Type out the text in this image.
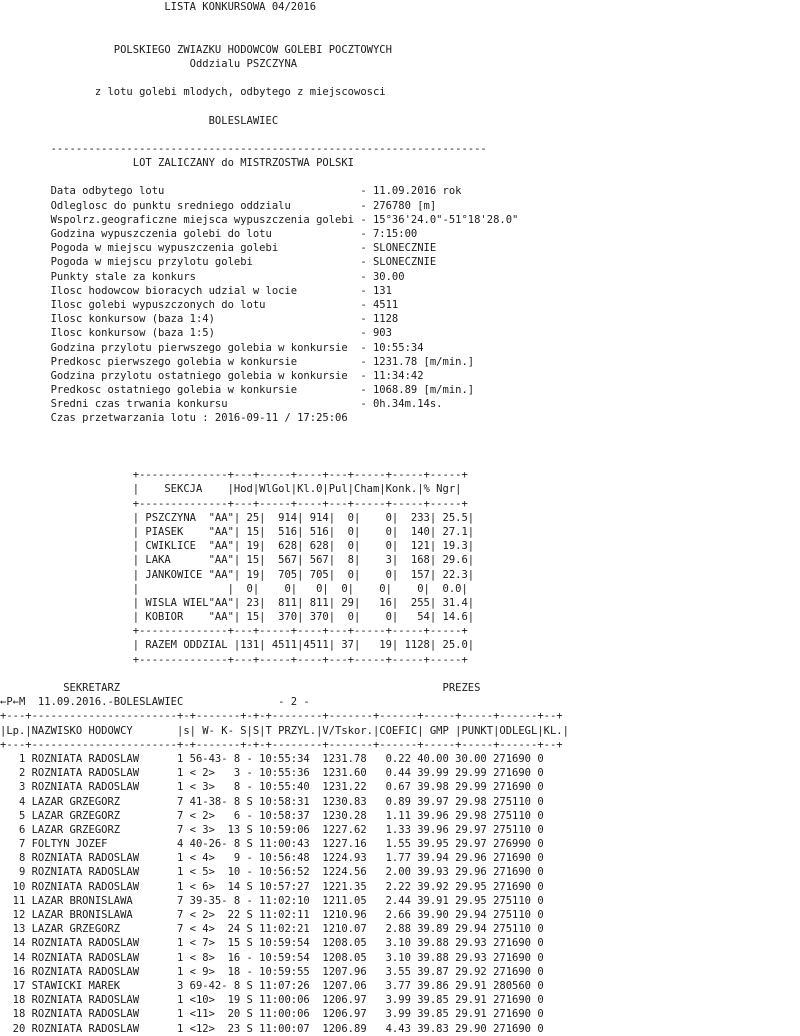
LISTA KONKURSOWA 04/2016
POLSKIEGO ZWIAZKU HODOWCOW GOLEBI POCZTOWYCH
Oddzialu PSZCZYNA
z lotu golebi mlodych, odbytego z miejscowosci
BOLESLAWIEC
---------------------------------------------------------------------
LOT ZALICZANY do MISTRZOSTWA POLSKI
Data odbytego lotu                               - 11.09.2016 rok
Odleglosc do punktu sredniego oddzialu           - 276780 [m]
Wspolrz.geograficzne miejsca wypuszczenia golebi - 15°36'24.0"-51°18'28.0"
Godzina wypuszczenia golebi do lotu              - 7:15:00
Pogoda w miejscu wypuszczenia golebi             - SLONECZNIE
Pogoda w miejscu przylotu golebi                 - SLONECZNIE
Punkty stale za konkurs                          - 30.00
Ilosc hodowcow bioracych udzial w locie          - 131
Ilosc golebi wypuszczonych do lotu               - 4511
Ilosc konkursow (baza 1:4)                       - 1128
Ilosc konkursow (baza 1:5)                       - 903
Godzina przylotu pierwszego golebia w konkursie  - 10:55:34
Predkosc pierwszego golebia w konkursie          - 1231.78 [m/min.]
Godzina przylotu ostatniego golebia w konkursie  - 11:34:42
Predkosc ostatniego golebia w konkursie          - 1068.89 [m/min.]
Sredni czas trwania konkursu                     - 0h.34m.14s.
Czas przetwarzania lotu : 2016-09-11 / 17:25:06
+--------------+---+-----+----+---+-----+-----+-----+
|    SEKCJA    |Hod|WlGol|Kl.0|Pul|Cham|Konk.|% Ngr|
+--------------+---+-----+----+---+-----+-----+-----+
| PSZCZYNA  "AA"| 25|  914| 914|  0|    0|  233| 25.5|
| PIASEK    "AA"| 15|  516| 516|  0|    0|  140| 27.1|
| CWIKLICE  "AA"| 19|  628| 628|  0|    0|  121| 19.3|
| LAKA      "AA"| 15|  567| 567|  8|    3|  168| 29.6|
| JANKOWICE "AA"| 19|  705| 705|  0|    0|  157| 22.3|
|              |  0|    0|   0|  0|    0|    0|  0.0|
| WISLA WIEL"AA"| 23|  811| 811| 29|   16|  255| 31.4|
| KOBIOR    "AA"| 15|  370| 370|  0|    0|   54| 14.6|
+--------------+---+-----+----+---+-----+-----+-----+
| RAZEM ODDZIAL |131| 4511|4511| 37|   19| 1128| 25.0|
+--------------+---+-----+----+---+-----+-----+-----+
SEKRETARZ                                                   PREZES
←P←M  11.09.2016.-BOLESLAWIEC               - 2 -
+---+-----------------------+-+-------+-+-+--------+-------+------+-----+-----+------+--+
|Lp.|NAZWISKO HODOWCY       |s| W- K- S|S|T PRZYL.|V/Tskor.|COEFIC| GMP |PUNKT|ODLEGL|KL.|
+---+-----------------------+-+-------+-+-+--------+-------+------+-----+-----+------+--+
1 ROZNIATA RADOSLAW      1 56-43- 8 - 10:55:34  1231.78   0.22 40.00 30.00 271690 0
2 ROZNIATA RADOSLAW      1 < 2>   3 - 10:55:36  1231.60   0.44 39.99 29.99 271690 0
3 ROZNIATA RADOSLAW      1 < 3>   8 - 10:55:40  1231.22   0.67 39.98 29.99 271690 0
4 LAZAR GRZEGORZ         7 41-38- 8 S 10:58:31  1230.83   0.89 39.97 29.98 275110 0
5 LAZAR GRZEGORZ         7 < 2>   6 - 10:58:37  1230.28   1.11 39.96 29.98 275110 0
6 LAZAR GRZEGORZ         7 < 3>  13 S 10:59:06  1227.62   1.33 39.96 29.97 275110 0
7 FOLTYN JOZEF           4 40-26- 8 S 11:00:43  1227.16   1.55 39.95 29.97 276990 0
8 ROZNIATA RADOSLAW      1 < 4>   9 - 10:56:48  1224.93   1.77 39.94 29.96 271690 0
9 ROZNIATA RADOSLAW      1 < 5>  10 - 10:56:52  1224.56   2.00 39.93 29.96 271690 0
10 ROZNIATA RADOSLAW      1 < 6>  14 S 10:57:27  1221.35   2.22 39.92 29.95 271690 0
11 LAZAR BRONISLAWA       7 39-35- 8 - 11:02:10  1211.05   2.44 39.91 29.95 275110 0
12 LAZAR BRONISLAWA       7 < 2>  22 S 11:02:11  1210.96   2.66 39.90 29.94 275110 0
13 LAZAR GRZEGORZ         7 < 4>  24 S 11:02:21  1210.07   2.88 39.89 29.94 275110 0
14 ROZNIATA RADOSLAW      1 < 7>  15 S 10:59:54  1208.05   3.10 39.88 29.93 271690 0
14 ROZNIATA RADOSLAW      1 < 8>  16 - 10:59:54  1208.05   3.10 39.88 29.93 271690 0
16 ROZNIATA RADOSLAW      1 < 9>  18 - 10:59:55  1207.96   3.55 39.87 29.92 271690 0
17 STAWICKI MAREK         3 69-42- 8 S 11:07:26  1207.06   3.77 39.86 29.91 280560 0
18 ROZNIATA RADOSLAW      1 <10>  19 S 11:00:06  1206.97   3.99 39.85 29.91 271690 0
18 ROZNIATA RADOSLAW      1 <11>  20 S 11:00:06  1206.97   3.99 39.85 29.91 271690 0
20 ROZNIATA RADOSLAW      1 <12>  23 S 11:00:07  1206.89   4.43 39.83 29.90 271690 0
